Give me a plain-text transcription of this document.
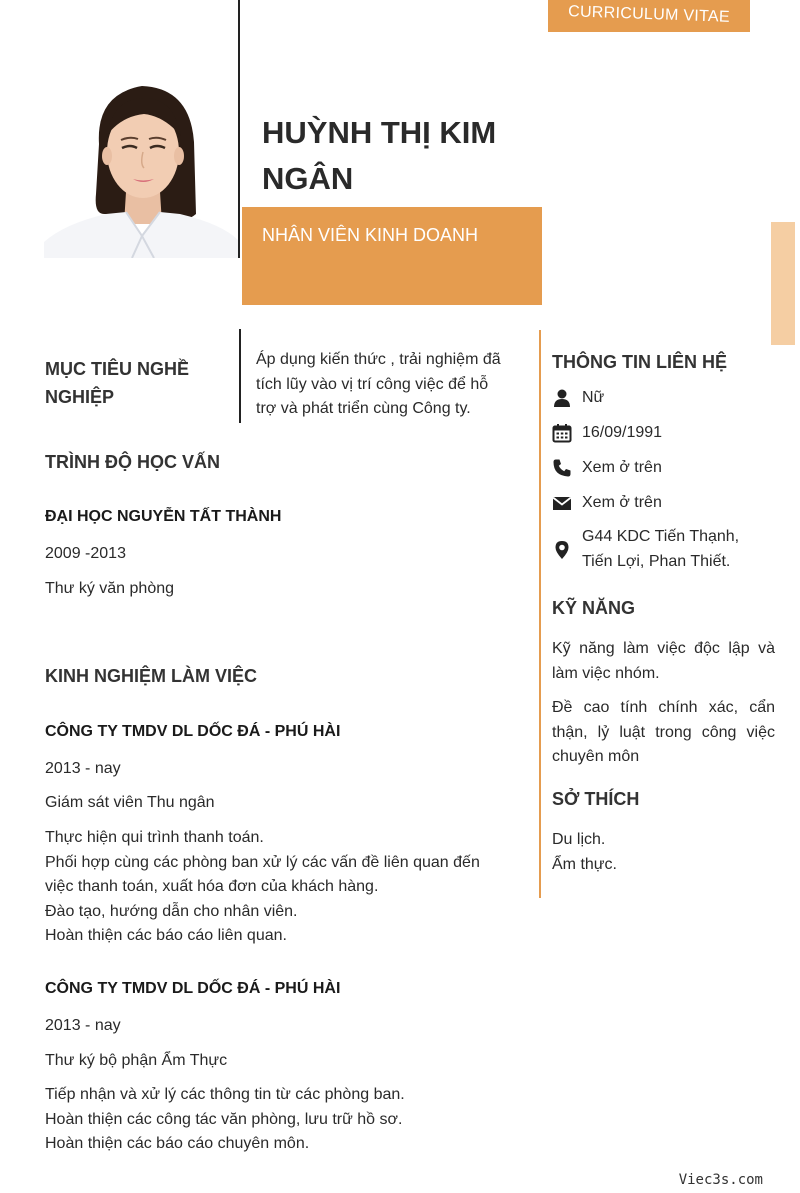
CURRICULUM VITAE
HUỲNH THỊ KIM
NGÂN
NHÂN VIÊN KINH DOANH
MỤC TIÊU NGHỀ
NGHIỆP
Áp dụng kiến thức , trải nghiệm đã
tích lũy vào vị trí công việc để hỗ
trợ và phát triển cùng Công ty.
TRÌNH ĐỘ HỌC VẤN
ĐẠI HỌC NGUYỄN TẤT THÀNH
2009 -2013
Thư ký văn phòng
KINH NGHIỆM LÀM VIỆC
CÔNG TY TMDV DL DỐC ĐÁ - PHÚ HÀI
2013 - nay
Giám sát viên Thu ngân
Thực hiện qui trình thanh toán.
Phối hợp cùng các phòng ban xử lý các vấn đề liên quan đến
việc thanh toán, xuất hóa đơn của khách hàng.
Đào tạo, hướng dẫn cho nhân viên.
Hoàn thiện các báo cáo liên quan.
CÔNG TY TMDV DL DỐC ĐÁ - PHÚ HÀI
2013 - nay
Thư ký bộ phận Ẩm Thực
Tiếp nhận và xử lý các thông tin từ các phòng ban.
Hoàn thiện các công tác văn phòng, lưu trữ hồ sơ.
Hoàn thiện các báo cáo chuyên môn.
THÔNG TIN LIÊN HỆ
Nữ
16/09/1991
Xem ở trên
Xem ở trên
G44 KDC Tiến Thạnh,
Tiến Lợi, Phan Thiết.
KỸ NĂNG
Kỹ năng làm việc độc lập và
làm việc nhóm.
Đề cao tính chính xác, cẩn
thận, lỷ luật trong công việc
chuyên môn
SỞ THÍCH
Du lịch.
Ẩm thực.
Viec3s.com
